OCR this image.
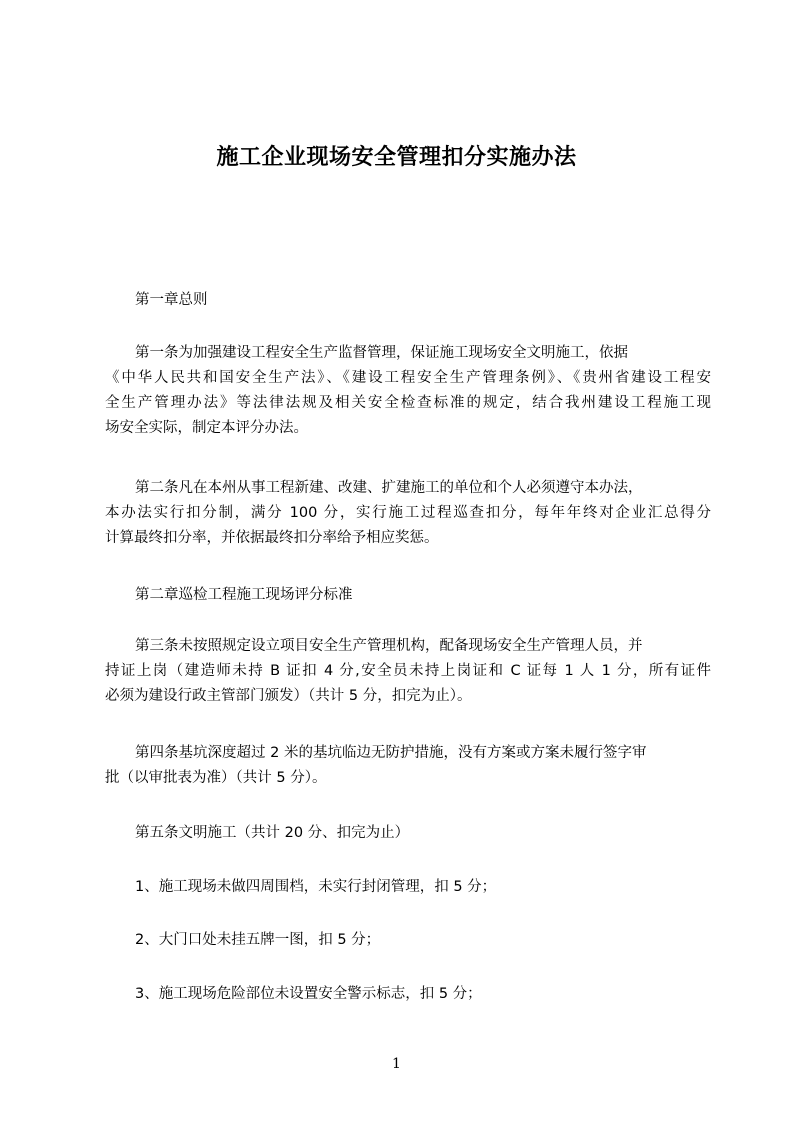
施工企业现场安全管理扣分实施办法
第一章总则
第一条为加强建设工程安全生产监督管理，保证施工现场安全文明施工，依据
《中华人民共和国安全生产法》、《建设工程安全生产管理条例》、《贵州省建设工程安
全生产管理办法》等法律法规及相关安全检查标准的规定，结合我州建设工程施工现
场安全实际，制定本评分办法。
第二条凡在本州从事工程新建、改建、扩建施工的单位和个人必须遵守本办法，
本办法实行扣分制，满分 100 分，实行施工过程巡查扣分，每年年终对企业汇总得分
计算最终扣分率，并依据最终扣分率给予相应奖惩。
第二章巡检工程施工现场评分标准
第三条未按照规定设立项目安全生产管理机构，配备现场安全生产管理人员，并
持证上岗（建造师未持 B 证扣 4 分,安全员未持上岗证和 C 证每 1 人 1 分，所有证件
必须为建设行政主管部门颁发）（共计 5 分，扣完为止）。
第四条基坑深度超过 2 米的基坑临边无防护措施，没有方案或方案未履行签字审
批（以审批表为准）（共计 5 分）。
第五条文明施工（共计 20 分、扣完为止）
1、施工现场未做四周围档，未实行封闭管理，扣 5 分；
2、大门口处未挂五牌一图，扣 5 分；
3、施工现场危险部位未设置安全警示标志，扣 5 分；
1
